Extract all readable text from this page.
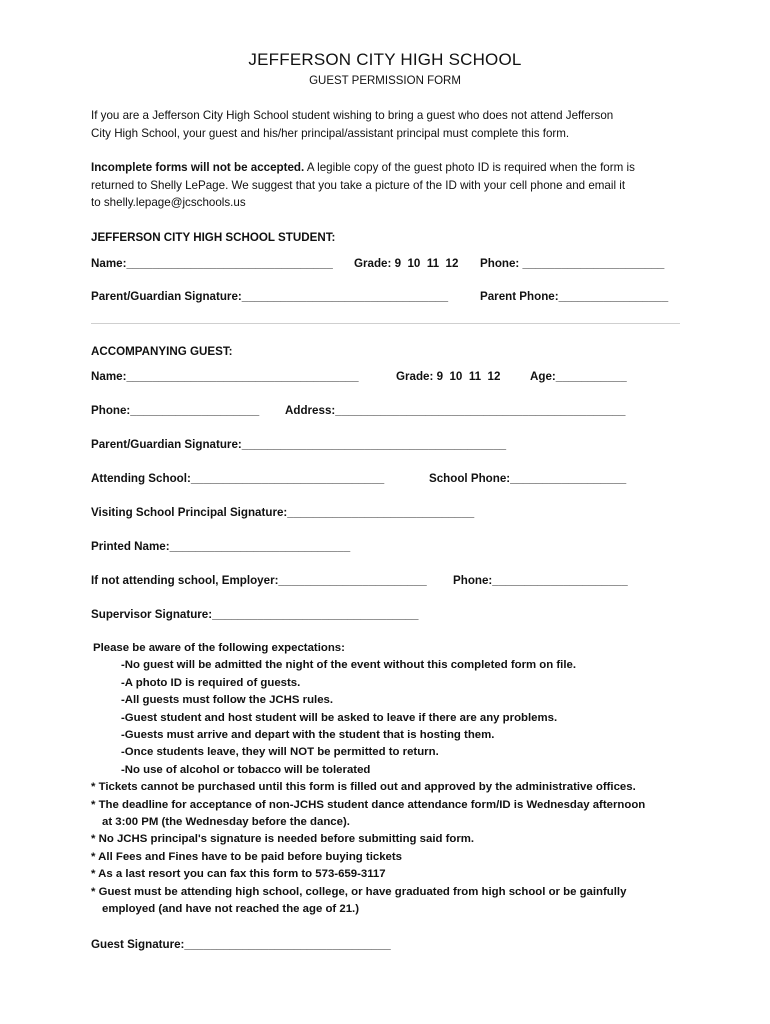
JEFFERSON CITY HIGH SCHOOL
GUEST PERMISSION FORM
If you are a Jefferson City High School student wishing to bring a guest who does not attend Jefferson
City High School, your guest and his/her principal/assistant principal must complete this form.
Incomplete forms will not be accepted. A legible copy of the guest photo ID is required when the form is
returned to Shelly LePage. We suggest that you take a picture of the ID with your cell phone and email it
to shelly.lepage@jcschools.us
JEFFERSON CITY HIGH SCHOOL STUDENT:
Name:________________________________ Grade: 9  10  11  12 Phone: ______________________
Parent/Guardian Signature:________________________________	Parent Phone:_________________
ACCOMPANYING GUEST:
Name:____________________________________	Grade: 9  10  11  12	Age:___________
Phone:____________________ Address:_____________________________________________
Parent/Guardian Signature:_________________________________________
Attending School:______________________________	School Phone:__________________
Visiting School Principal Signature:_____________________________
Printed Name:____________________________
If not attending school, Employer:_______________________ Phone:_____________________
Supervisor Signature:________________________________
Please be aware of the following expectations:
-No guest will be admitted the night of the event without this completed form on file.
-A photo ID is required of guests.
-All guests must follow the JCHS rules.
-Guest student and host student will be asked to leave if there are any problems.
-Guests must arrive and depart with the student that is hosting them.
-Once students leave, they will NOT be permitted to return.
-No use of alcohol or tobacco will be tolerated
* Tickets cannot be purchased until this form is filled out and approved by the administrative offices.
* The deadline for acceptance of non-JCHS student dance attendance form/ID is Wednesday afternoon
at 3:00 PM (the Wednesday before the dance).
* No JCHS principal's signature is needed before submitting said form.
* All Fees and Fines have to be paid before buying tickets
* As a last resort you can fax this form to 573-659-3117
* Guest must be attending high school, college, or have graduated from high school or be gainfully
employed (and have not reached the age of 21.)
Guest Signature:________________________________
